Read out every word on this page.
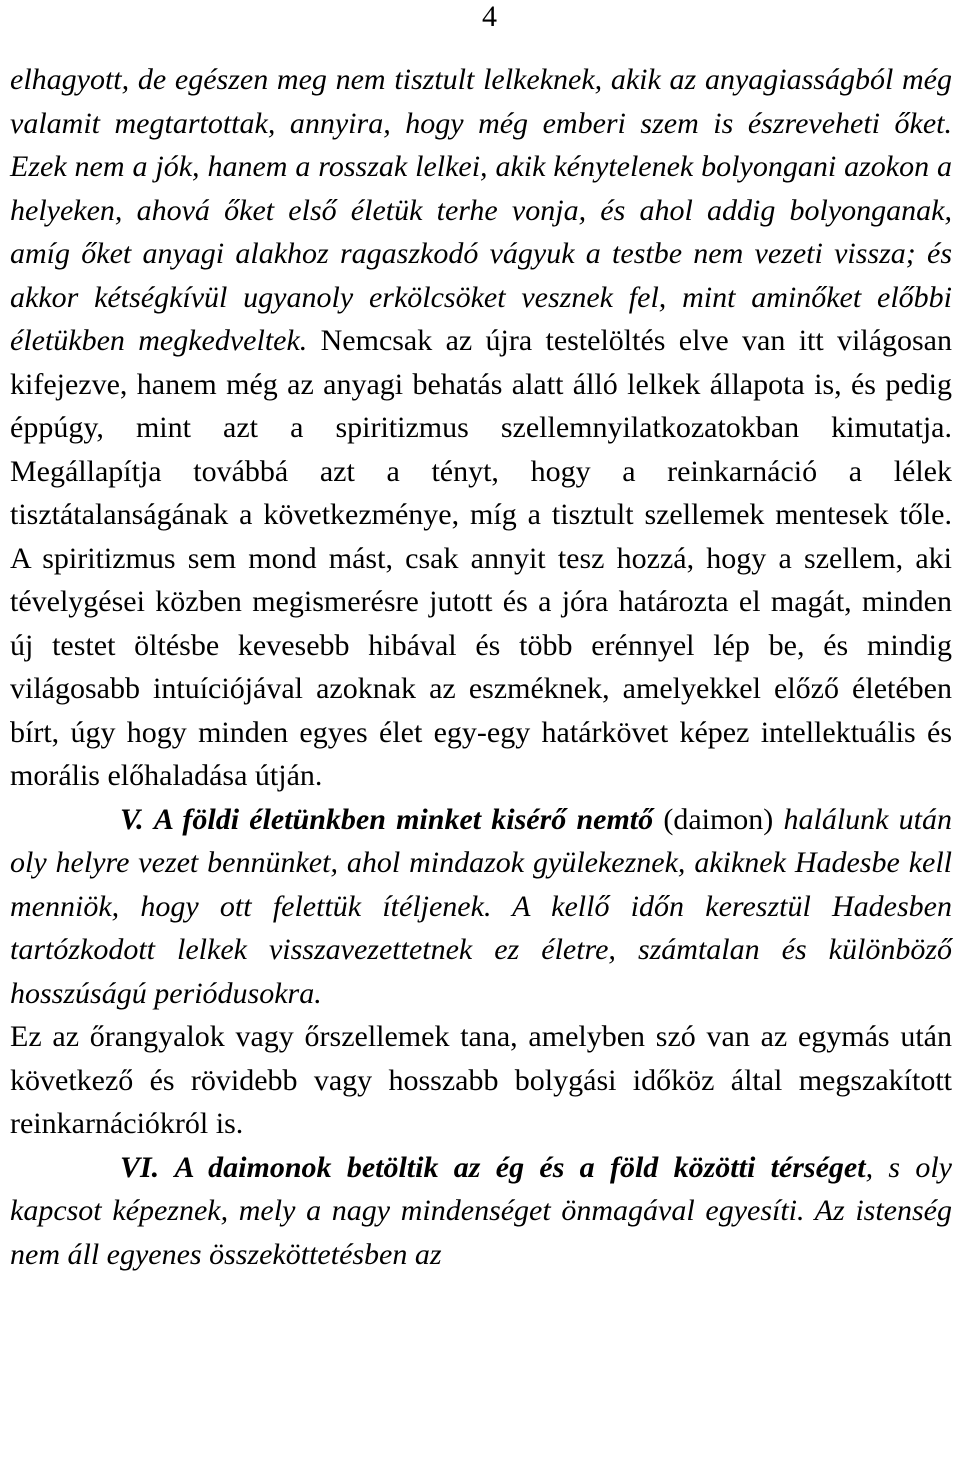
4

elhagyott, de egészen meg nem tisztult lelkeknek, akik az anyagiasságból még valamit megtartottak, annyira, hogy még emberi szem is észreveheti őket. Ezek nem a jók, hanem a rosszak lelkei, akik kénytelenek bolyongani azokon a helyeken, ahová őket első életük terhe vonja, és ahol addig bolyonganak, amíg őket anyagi alakhoz ragaszkodó vágyuk a testbe nem vezeti vissza; és akkor kétségkívül ugyanoly erkölcsöket vesznek fel, mint aminőket előbbi életükben megkedveltek. Nemcsak az újra testelöltés elve van itt világosan kifejezve, hanem még az anyagi behatás alatt álló lelkek állapota is, és pedig éppúgy, mint azt a spiritizmus szellemnyilatkozatokban kimutatja. Megállapítja továbbá azt a tényt, hogy a reinkarnáció a lélek tisztátalanságának a következménye, míg a tisztult szellemek mentesek tőle. A spiritizmus sem mond mást, csak annyit tesz hozzá, hogy a szellem, aki tévelygései közben megismerésre jutott és a jóra határozta el magát, minden új testet öltésbe kevesebb hibával és több erénnyel lép be, és mindig világosabb intuíciójával azoknak az eszméknek, amelyekkel előző életében bírt, úgy hogy minden egyes élet egy-egy határkövet képez intellektuális és morális előhaladása útján.

V. A földi életünkben minket kisérő nemtő (daimon) halálunk után oly helyre vezet bennünket, ahol mindazok gyülekeznek, akiknek Hadesbe kell menniök, hogy ott felettük ítéljenek. A kellő időn keresztül Hadesben tartózkodott lelkek visszavezettetnek ez életre, számtalan és különböző hosszúságú periódusokra.

Ez az őrangyalok vagy őrszellemek tana, amelyben szó van az egymás után következő és rövidebb vagy hosszabb bolygási időköz által megszakított reinkarnációkról is.

VI. A daimonok betöltik az ég és a föld közötti térséget, s oly kapcsot képeznek, mely a nagy mindenséget önmagával egyesíti. Az istenség nem áll egyenes összeköttetésben az
